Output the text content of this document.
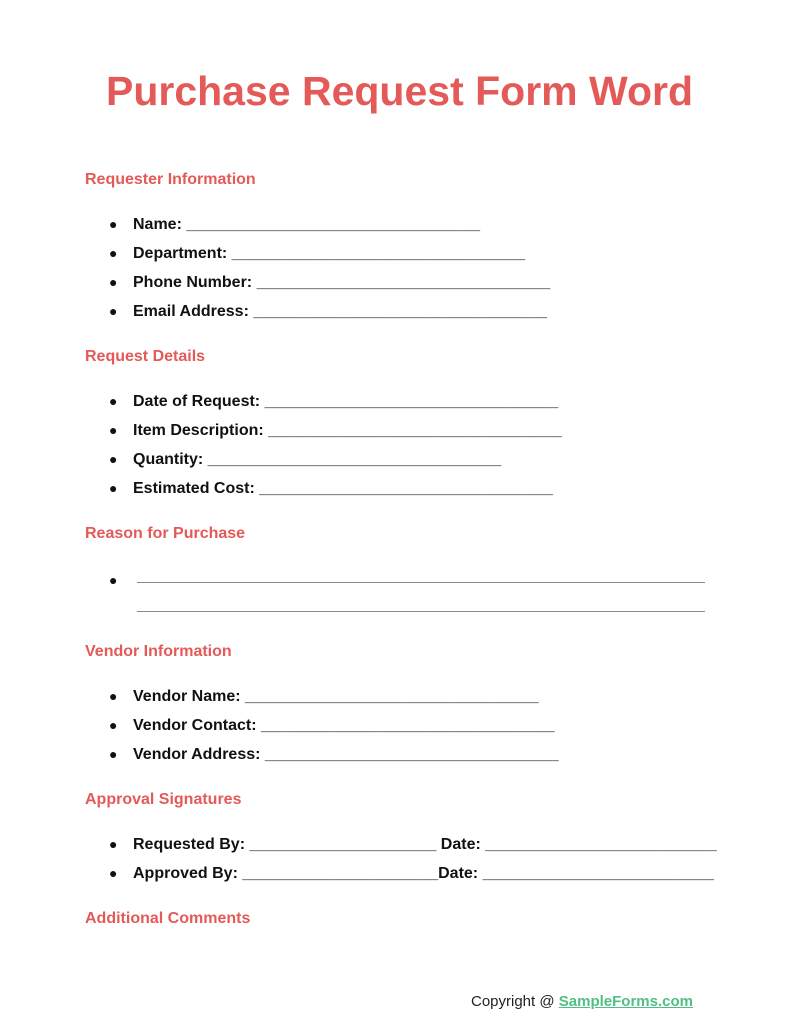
Purchase Request Form Word
Requester Information
● Name: _________________________________
● Department: _________________________________
● Phone Number: _________________________________
● Email Address: _________________________________
Request Details
● Date of Request: _________________________________
● Item Description: _________________________________
● Quantity: _________________________________
● Estimated Cost: _________________________________
Reason for Purchase
●
Vendor Information
● Vendor Name: _________________________________
● Vendor Contact: _________________________________
● Vendor Address: _________________________________
Approval Signatures
● Requested By: _____________________ Date: __________________________
● Approved By: ______________________Date: __________________________
Additional Comments
Copyright @ SampleForms.com
